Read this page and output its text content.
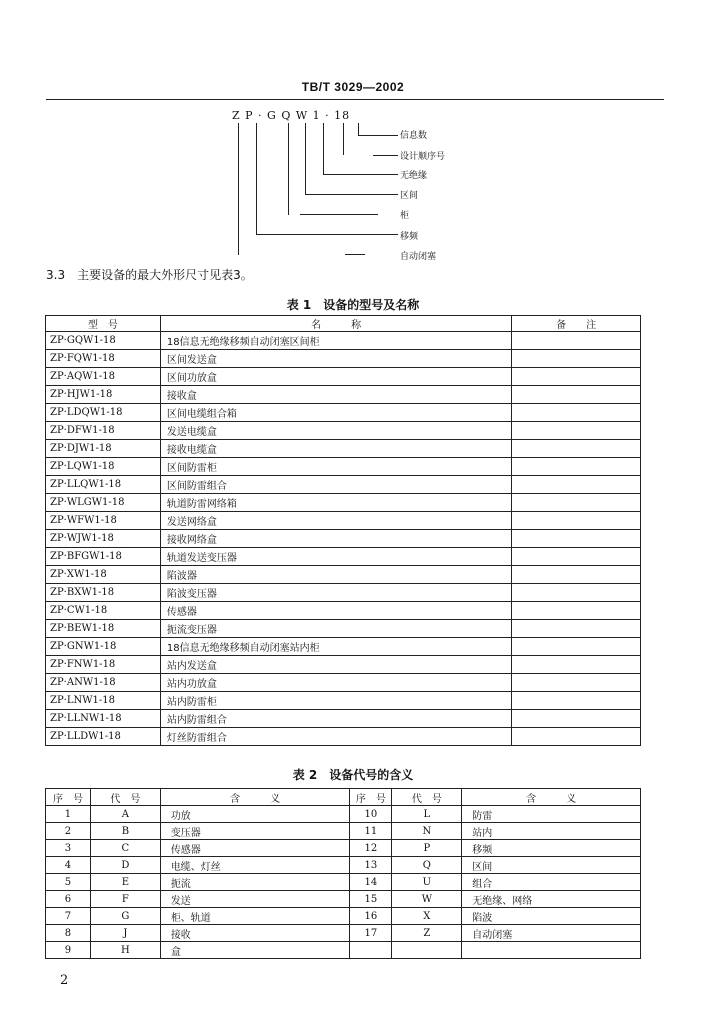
TB/T 3029—2002
Z P · G Q W 1 · 18
信息数
设计顺序号
无绝缘
区间
柜
移频
自动闭塞
3.3　主要设备的最大外形尺寸见表3。
表 1　设备的型号及名称
型　号	名　　　称	备　　注
ZP·GQW1-18	18信息无绝缘移频自动闭塞区间柜	
ZP·FQW1-18	区间发送盒	
ZP·AQW1-18	区间功放盒	
ZP·HJW1-18	接收盒	
ZP·LDQW1-18	区间电缆组合箱	
ZP·DFW1-18	发送电缆盒	
ZP·DJW1-18	接收电缆盒	
ZP·LQW1-18	区间防雷柜	
ZP·LLQW1-18	区间防雷组合	
ZP·WLGW1-18	轨道防雷网络箱	
ZP·WFW1-18	发送网络盒	
ZP·WJW1-18	接收网络盒	
ZP·BFGW1-18	轨道发送变压器	
ZP·XW1-18	陷波器	
ZP·BXW1-18	陷波变压器	
ZP·CW1-18	传感器	
ZP·BEW1-18	扼流变压器	
ZP·GNW1-18	18信息无绝缘移频自动闭塞站内柜	
ZP·FNW1-18	站内发送盒	
ZP·ANW1-18	站内功放盒	
ZP·LNW1-18	站内防雷柜	
ZP·LLNW1-18	站内防雷组合	
ZP·LLDW1-18	灯丝防雷组合	
表 2　设备代号的含义
序　号	代　号	含　　　义	序　号	代　号	含　　　义
1	A	功放	10	L	防雷
2	B	变压器	11	N	站内
3	C	传感器	12	P	移频
4	D	电缆、灯丝	13	Q	区间
5	E	扼流	14	U	组合
6	F	发送	15	W	无绝缘、网络
7	G	柜、轨道	16	X	陷波
8	J	接收	17	Z	自动闭塞
9	H	盒			
2
